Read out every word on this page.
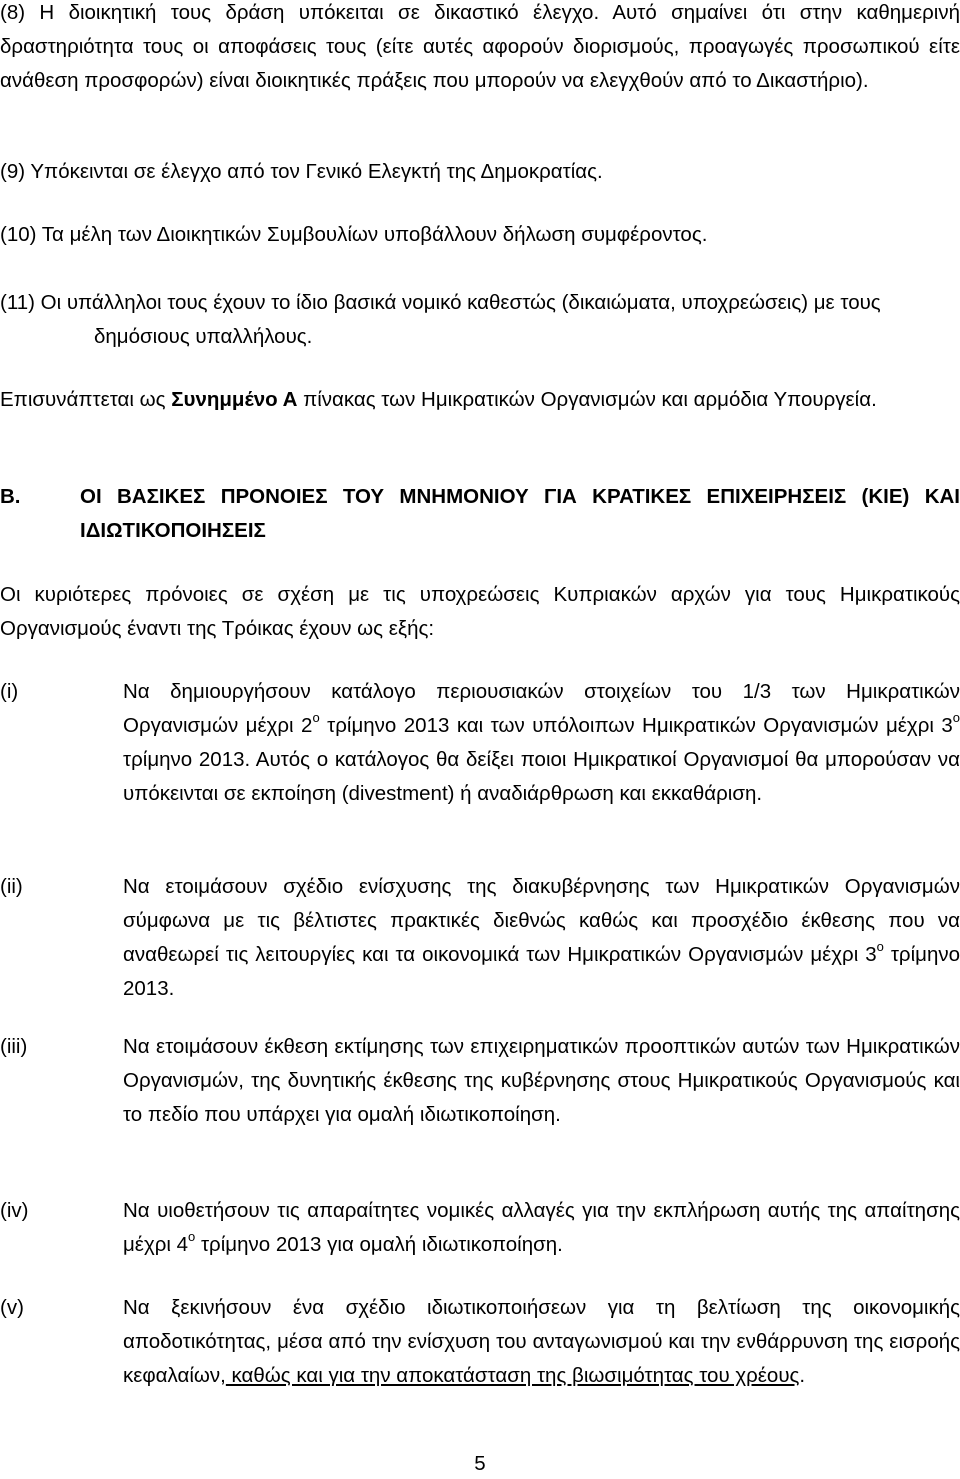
(8) Η διοικητική τους δράση υπόκειται σε δικαστικό έλεγχο. Αυτό σημαίνει ότι στην καθημερινή δραστηριότητα τους οι αποφάσεις τους (είτε αυτές αφορούν διορισμούς, προαγωγές προσωπικού είτε ανάθεση προσφορών) είναι διοικητικές πράξεις που μπορούν να ελεγχθούν από το Δικαστήριο).

(9) Υπόκεινται σε έλεγχο από τον Γενικό Ελεγκτή της Δημοκρατίας.

(10) Τα μέλη των Διοικητικών Συμβουλίων υποβάλλουν δήλωση συμφέροντος.

(11) Οι υπάλληλοι τους έχουν το ίδιο βασικά νομικό καθεστώς (δικαιώματα, υποχρεώσεις) με τους δημόσιους υπαλλήλους.

Επισυνάπτεται ως Συνημμένο Α πίνακας των Ημικρατικών Οργανισμών και αρμόδια Υπουργεία.

Β.	ΟΙ ΒΑΣΙΚΕΣ ΠΡΟΝΟΙΕΣ ΤΟΥ ΜΝΗΜΟΝΙΟΥ ΓΙΑ ΚΡΑΤΙΚΕΣ ΕΠΙΧΕΙΡΗΣΕΙΣ (ΚΙΕ) ΚΑΙ ΙΔΙΩΤΙΚΟΠΟΙΗΣΕΙΣ

Οι κυριότερες πρόνοιες σε σχέση με τις υποχρεώσεις Κυπριακών αρχών για τους Ημικρατικούς Οργανισμούς έναντι της Τρόικας έχουν ως εξής:

(i)	Να δημιουργήσουν κατάλογο περιουσιακών στοιχείων του 1/3 των Ημικρατικών Οργανισμών μέχρι $2^o$ τρίμηνο 2013 και των υπόλοιπων Ημικρατικών Οργανισμών μέχρι $3^o$ τρίμηνο 2013. Αυτός ο κατάλογος θα δείξει ποιοι Ημικρατικοί Οργανισμοί θα μπορούσαν να υπόκεινται σε εκποίηση (divestment) ή αναδιάρθρωση και εκκαθάριση.

(ii)	Να ετοιμάσουν σχέδιο ενίσχυσης της διακυβέρνησης των Ημικρατικών Οργανισμών σύμφωνα με τις βέλτιστες πρακτικές διεθνώς καθώς και προσχέδιο έκθεσης που να αναθεωρεί τις λειτουργίες και τα οικονομικά των Ημικρατικών Οργανισμών μέχρι $3^o$ τρίμηνο 2013.

(iii)	Να ετοιμάσουν έκθεση εκτίμησης των επιχειρηματικών προοπτικών αυτών των Ημικρατικών Οργανισμών, της δυνητικής έκθεσης της κυβέρνησης στους Ημικρατικούς Οργανισμούς και το πεδίο που υπάρχει για ομαλή ιδιωτικοποίηση.

(iv)	Να υιοθετήσουν τις απαραίτητες νομικές αλλαγές για την εκπλήρωση αυτής της απαίτησης μέχρι $4^o$ τρίμηνο 2013 για ομαλή ιδιωτικοποίηση.

(v)	Να ξεκινήσουν ένα σχέδιο ιδιωτικοποιήσεων για τη βελτίωση της οικονομικής αποδοτικότητας, μέσα από την ενίσχυση του ανταγωνισμού και την ενθάρρυνση της εισροής κεφαλαίων, καθώς και για την αποκατάσταση της βιωσιμότητας του χρέους.

5
